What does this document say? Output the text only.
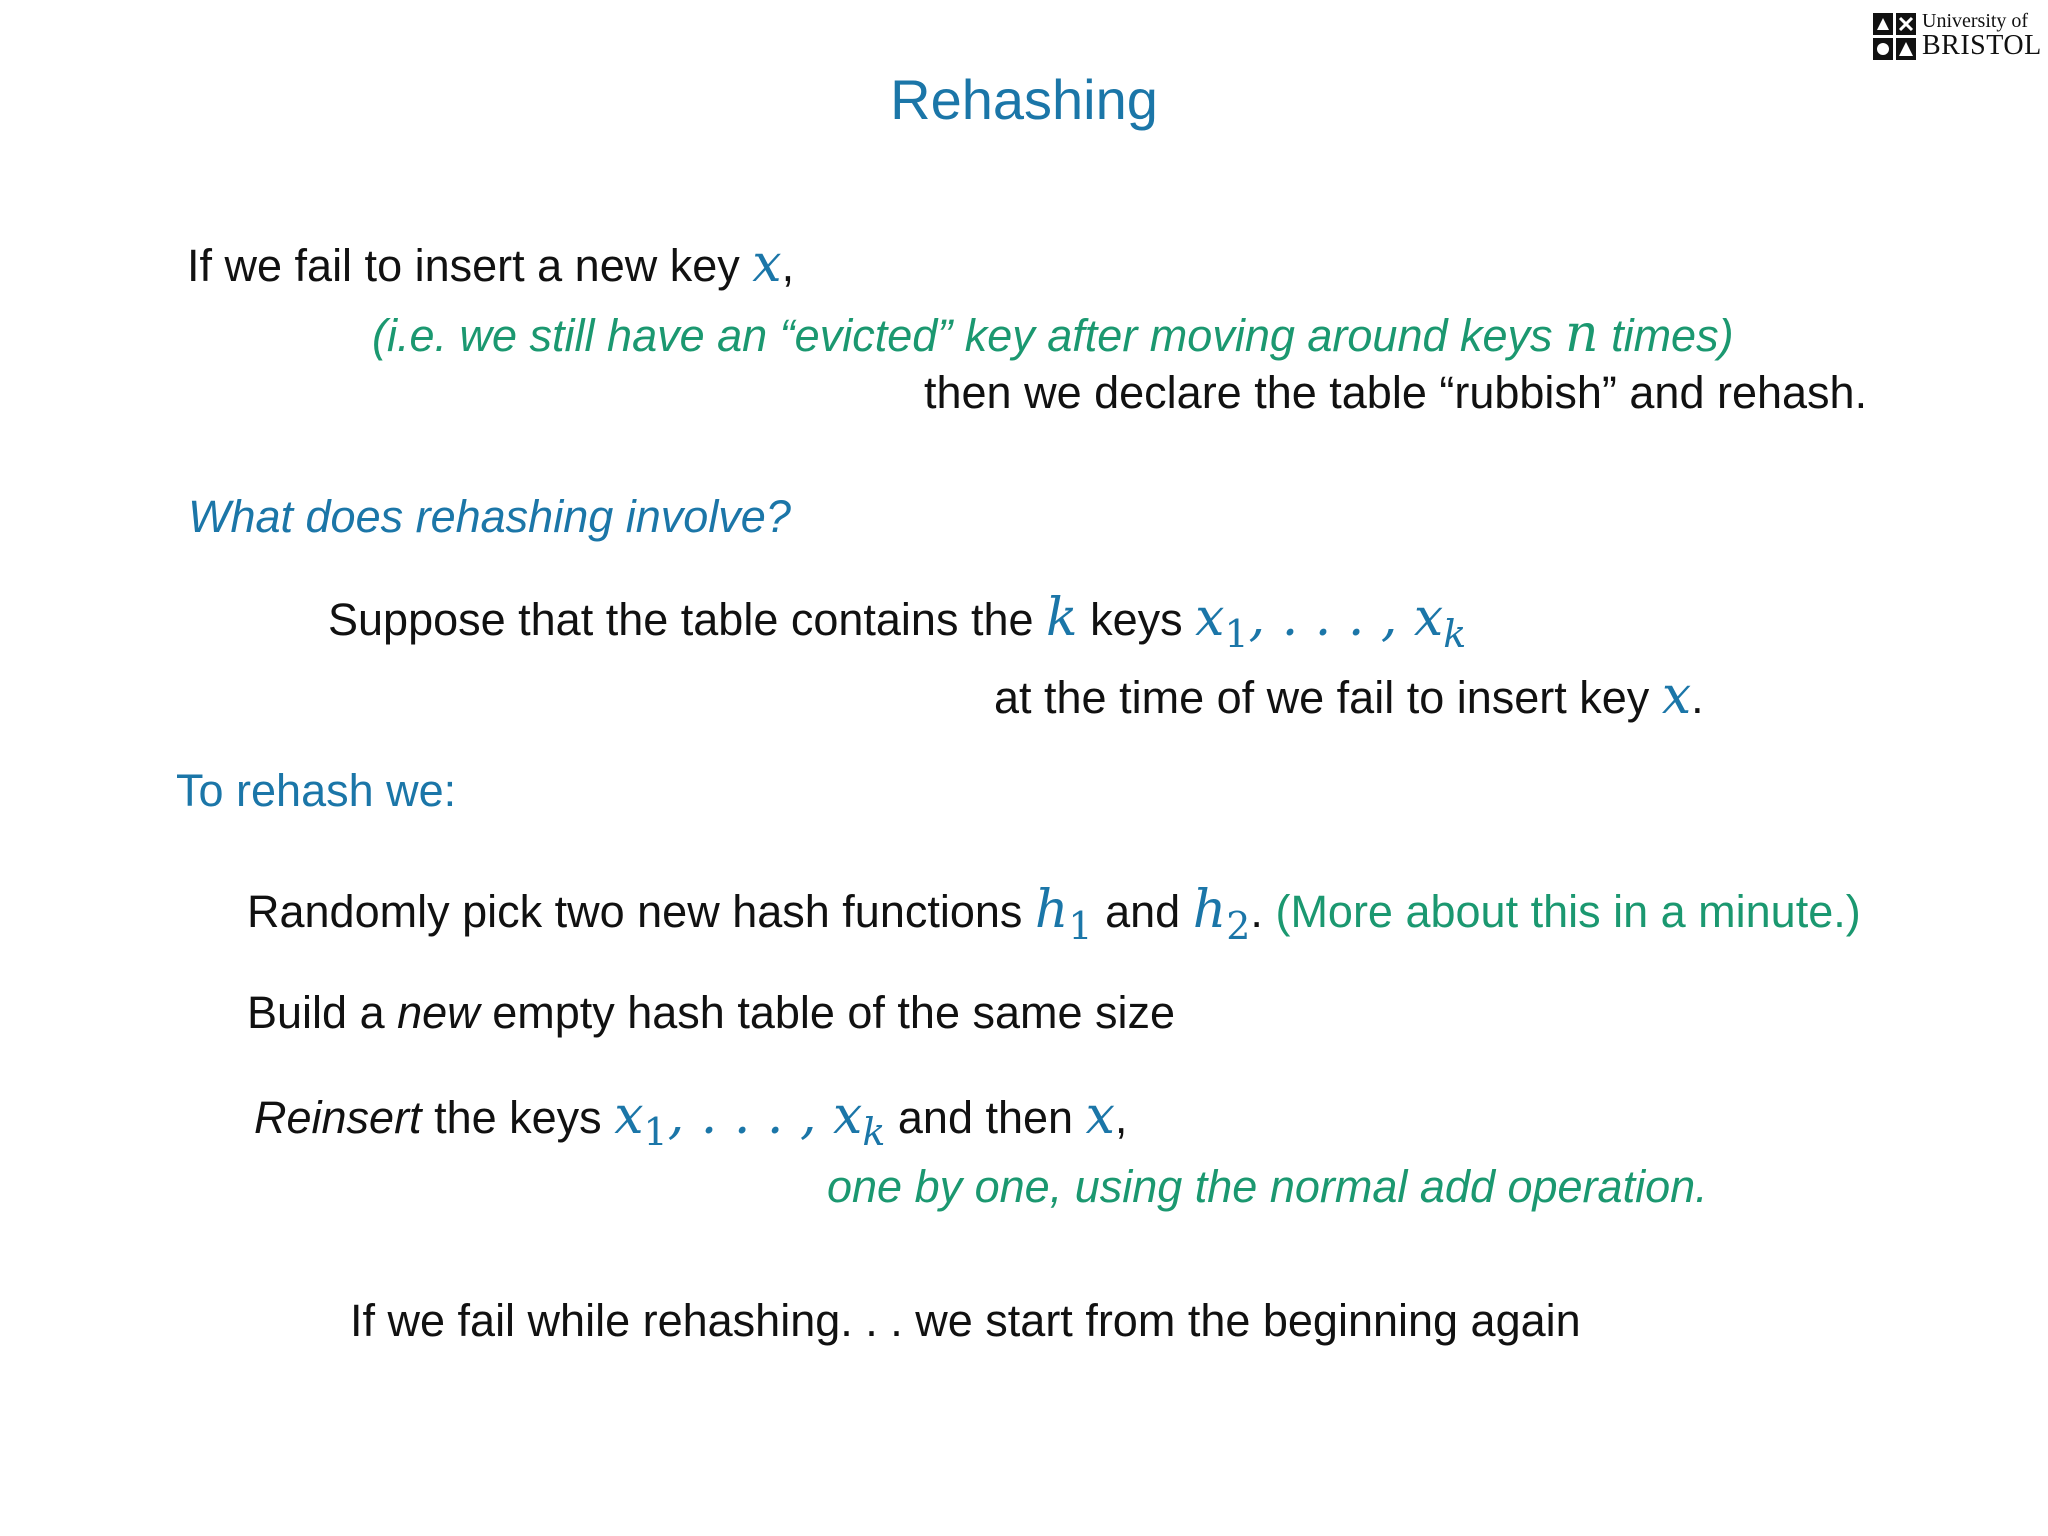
University of
BRISTOL
Rehashing
If we fail to insert a new key x,
(i.e. we still have an “evicted” key after moving around keys n times)
then we declare the table “rubbish” and rehash.
What does rehashing involve?
Suppose that the table contains the k keys $x_1$, . . . , $x_k$
at the time of we fail to insert key x.
To rehash we:
Randomly pick two new hash functions $h_1$ and $h_2$. (More about this in a minute.)
Build a new empty hash table of the same size
Reinsert the keys $x_1$, . . . , $x_k$ and then x,
one by one, using the normal add operation.
If we fail while rehashing. . . we start from the beginning again
